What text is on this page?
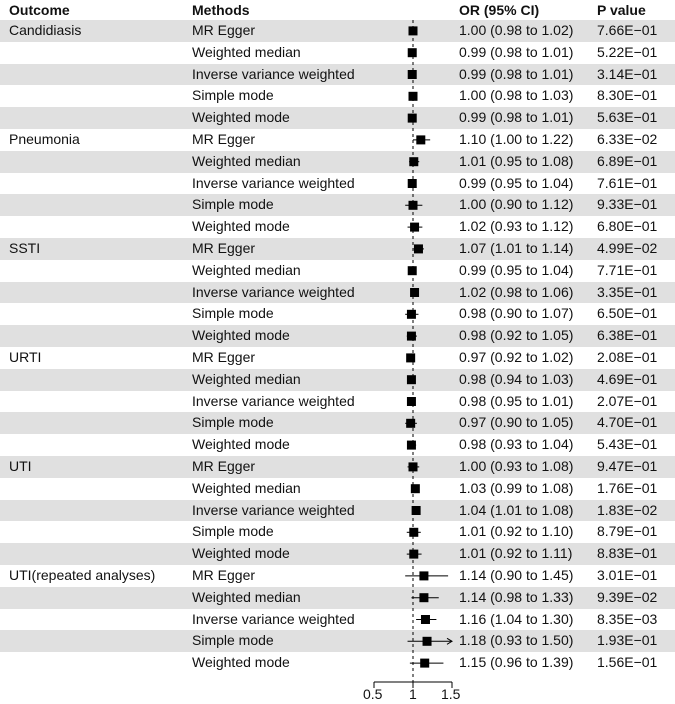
Outcome	Methods	OR (95% CI)	P value
Candidiasis	MR Egger	1.00 (0.98 to 1.02) 7.66E−01
Weighted median	0.99 (0.98 to 1.01) 5.22E−01
Inverse variance weighted	0.99 (0.98 to 1.01) 3.14E−01
Simple mode	1.00 (0.98 to 1.03) 8.30E−01
Weighted mode	0.99 (0.98 to 1.01) 5.63E−01
Pneumonia	MR Egger	1.10 (1.00 to 1.22) 6.33E−02
Weighted median	1.01 (0.95 to 1.08) 6.89E−01
Inverse variance weighted	0.99 (0.95 to 1.04) 7.61E−01
Simple mode	1.00 (0.90 to 1.12) 9.33E−01
Weighted mode	1.02 (0.93 to 1.12) 6.80E−01
SSTI	MR Egger	1.07 (1.01 to 1.14) 4.99E−02
Weighted median	0.99 (0.95 to 1.04) 7.71E−01
Inverse variance weighted	1.02 (0.98 to 1.06) 3.35E−01
Simple mode	0.98 (0.90 to 1.07) 6.50E−01
Weighted mode	0.98 (0.92 to 1.05) 6.38E−01
URTI	MR Egger	0.97 (0.92 to 1.02) 2.08E−01
Weighted median	0.98 (0.94 to 1.03) 4.69E−01
Inverse variance weighted	0.98 (0.95 to 1.01) 2.07E−01
Simple mode	0.97 (0.90 to 1.05) 4.70E−01
Weighted mode	0.98 (0.93 to 1.04) 5.43E−01
UTI	MR Egger	1.00 (0.93 to 1.08) 9.47E−01
Weighted median	1.03 (0.99 to 1.08) 1.76E−01
Inverse variance weighted	1.04 (1.01 to 1.08) 1.83E−02
Simple mode	1.01 (0.92 to 1.10) 8.79E−01
Weighted mode	1.01 (0.92 to 1.11) 8.83E−01
UTI(repeated analyses)	MR Egger	1.14 (0.90 to 1.45) 3.01E−01
Weighted median	1.14 (0.98 to 1.33) 9.39E−02
Inverse variance weighted	1.16 (1.04 to 1.30) 8.35E−03
Simple mode	1.18 (0.93 to 1.50) 1.93E−01
Weighted mode	1.15 (0.96 to 1.39) 1.56E−01
0.5 1 1.5
